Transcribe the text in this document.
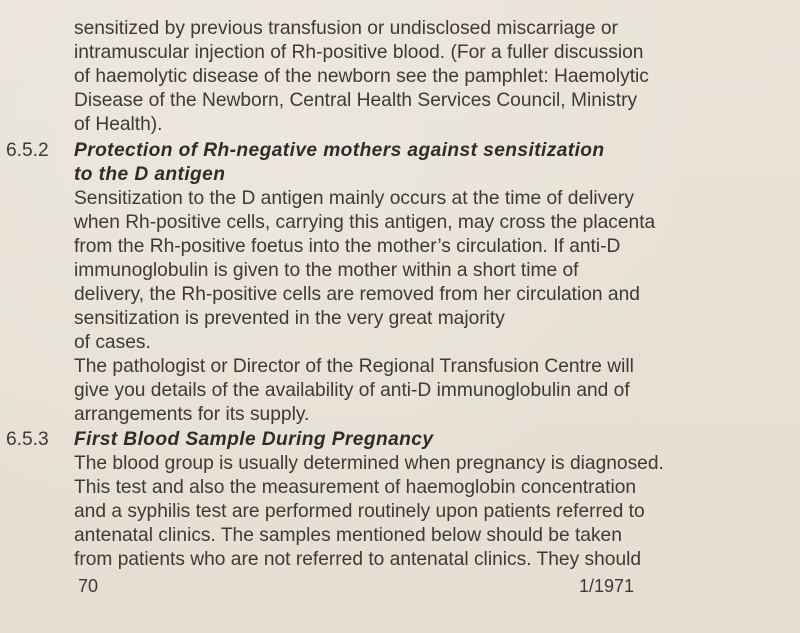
sensitized by previous transfusion or undisclosed miscarriage or
intramuscular injection of Rh-positive blood. (For a fuller discussion
of haemolytic disease of the newborn see the pamphlet: Haemolytic
Disease of the Newborn, Central Health Services Council, Ministry
of Health).
6.5.2 Protection of Rh-negative mothers against sensitization
to the D antigen
Sensitization to the D antigen mainly occurs at the time of delivery
when Rh-positive cells, carrying this antigen, may cross the placenta
from the Rh-positive foetus into the mother’s circulation. If anti-D
immunoglobulin is given to the mother within a short time of
delivery, the Rh-positive cells are removed from her circulation and
sensitization is prevented in the very great majority
of cases.
The pathologist or Director of the Regional Transfusion Centre will
give you details of the availability of anti-D immunoglobulin and of
arrangements for its supply.
6.5.3 First Blood Sample During Pregnancy
The blood group is usually determined when pregnancy is diagnosed.
This test and also the measurement of haemoglobin concentration
and a syphilis test are performed routinely upon patients referred to
antenatal clinics. The samples mentioned below should be taken
from patients who are not referred to antenatal clinics. They should
70	1/1971
